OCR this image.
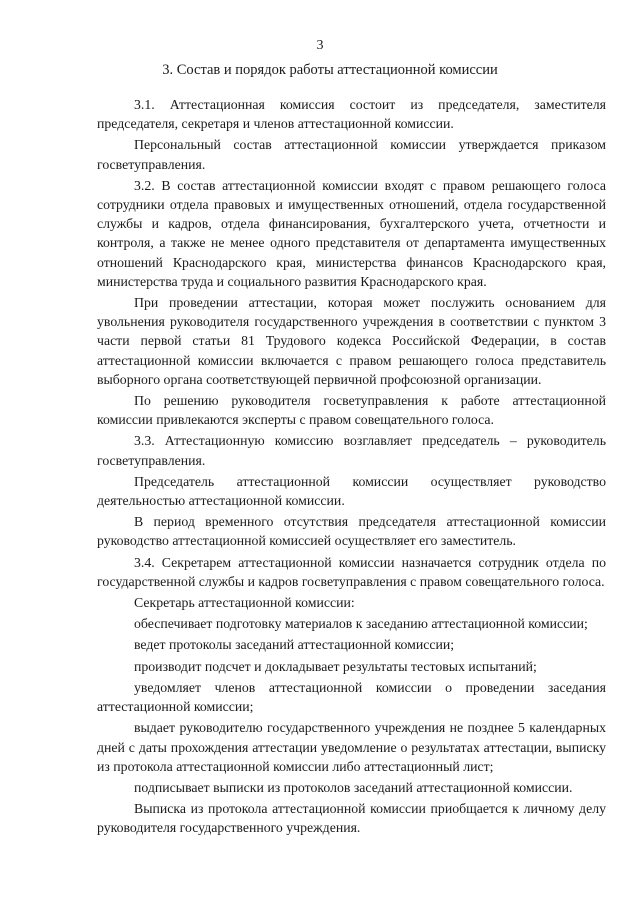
3
3. Состав и порядок работы аттестационной комиссии

3.1. Аттестационная комиссия состоит из председателя, заместителя председателя, секретаря и членов аттестационной комиссии.

Персональный состав аттестационной комиссии утверждается приказом госветуправления.

3.2. В состав аттестационной комиссии входят с правом решающего голоса сотрудники отдела правовых и имущественных отношений, отдела государственной службы и кадров, отдела финансирования, бухгалтерского учета, отчетности и контроля, а также не менее одного представителя от департамента имущественных отношений Краснодарского края, министерства финансов Краснодарского края, министерства труда и социального развития Краснодарского края.

При проведении аттестации, которая может послужить основанием для увольнения руководителя государственного учреждения в соответствии с пунктом 3 части первой статьи 81 Трудового кодекса Российской Федерации, в состав аттестационной комиссии включается с правом решающего голоса представитель выборного органа соответствующей первичной профсоюзной организации.

По решению руководителя госветуправления к работе аттестационной комиссии привлекаются эксперты с правом совещательного голоса.

3.3. Аттестационную комиссию возглавляет председатель – руководитель госветуправления.

Председатель аттестационной комиссии осуществляет руководство деятельностью аттестационной комиссии.

В период временного отсутствия председателя аттестационной комиссии руководство аттестационной комиссией осуществляет его заместитель.

3.4. Секретарем аттестационной комиссии назначается сотрудник отдела по государственной службы и кадров госветуправления с правом совещательного голоса.

Секретарь аттестационной комиссии:

обеспечивает подготовку материалов к заседанию аттестационной комиссии;

ведет протоколы заседаний аттестационной комиссии;

производит подсчет и докладывает результаты тестовых испытаний;

уведомляет членов аттестационной комиссии о проведении заседания аттестационной комиссии;

выдает руководителю государственного учреждения не позднее 5 календарных дней с даты прохождения аттестации уведомление о результатах аттестации, выписку из протокола аттестационной комиссии либо аттестационный лист;

подписывает выписки из протоколов заседаний аттестационной комиссии.

Выписка из протокола аттестационной комиссии приобщается к личному делу руководителя государственного учреждения.
